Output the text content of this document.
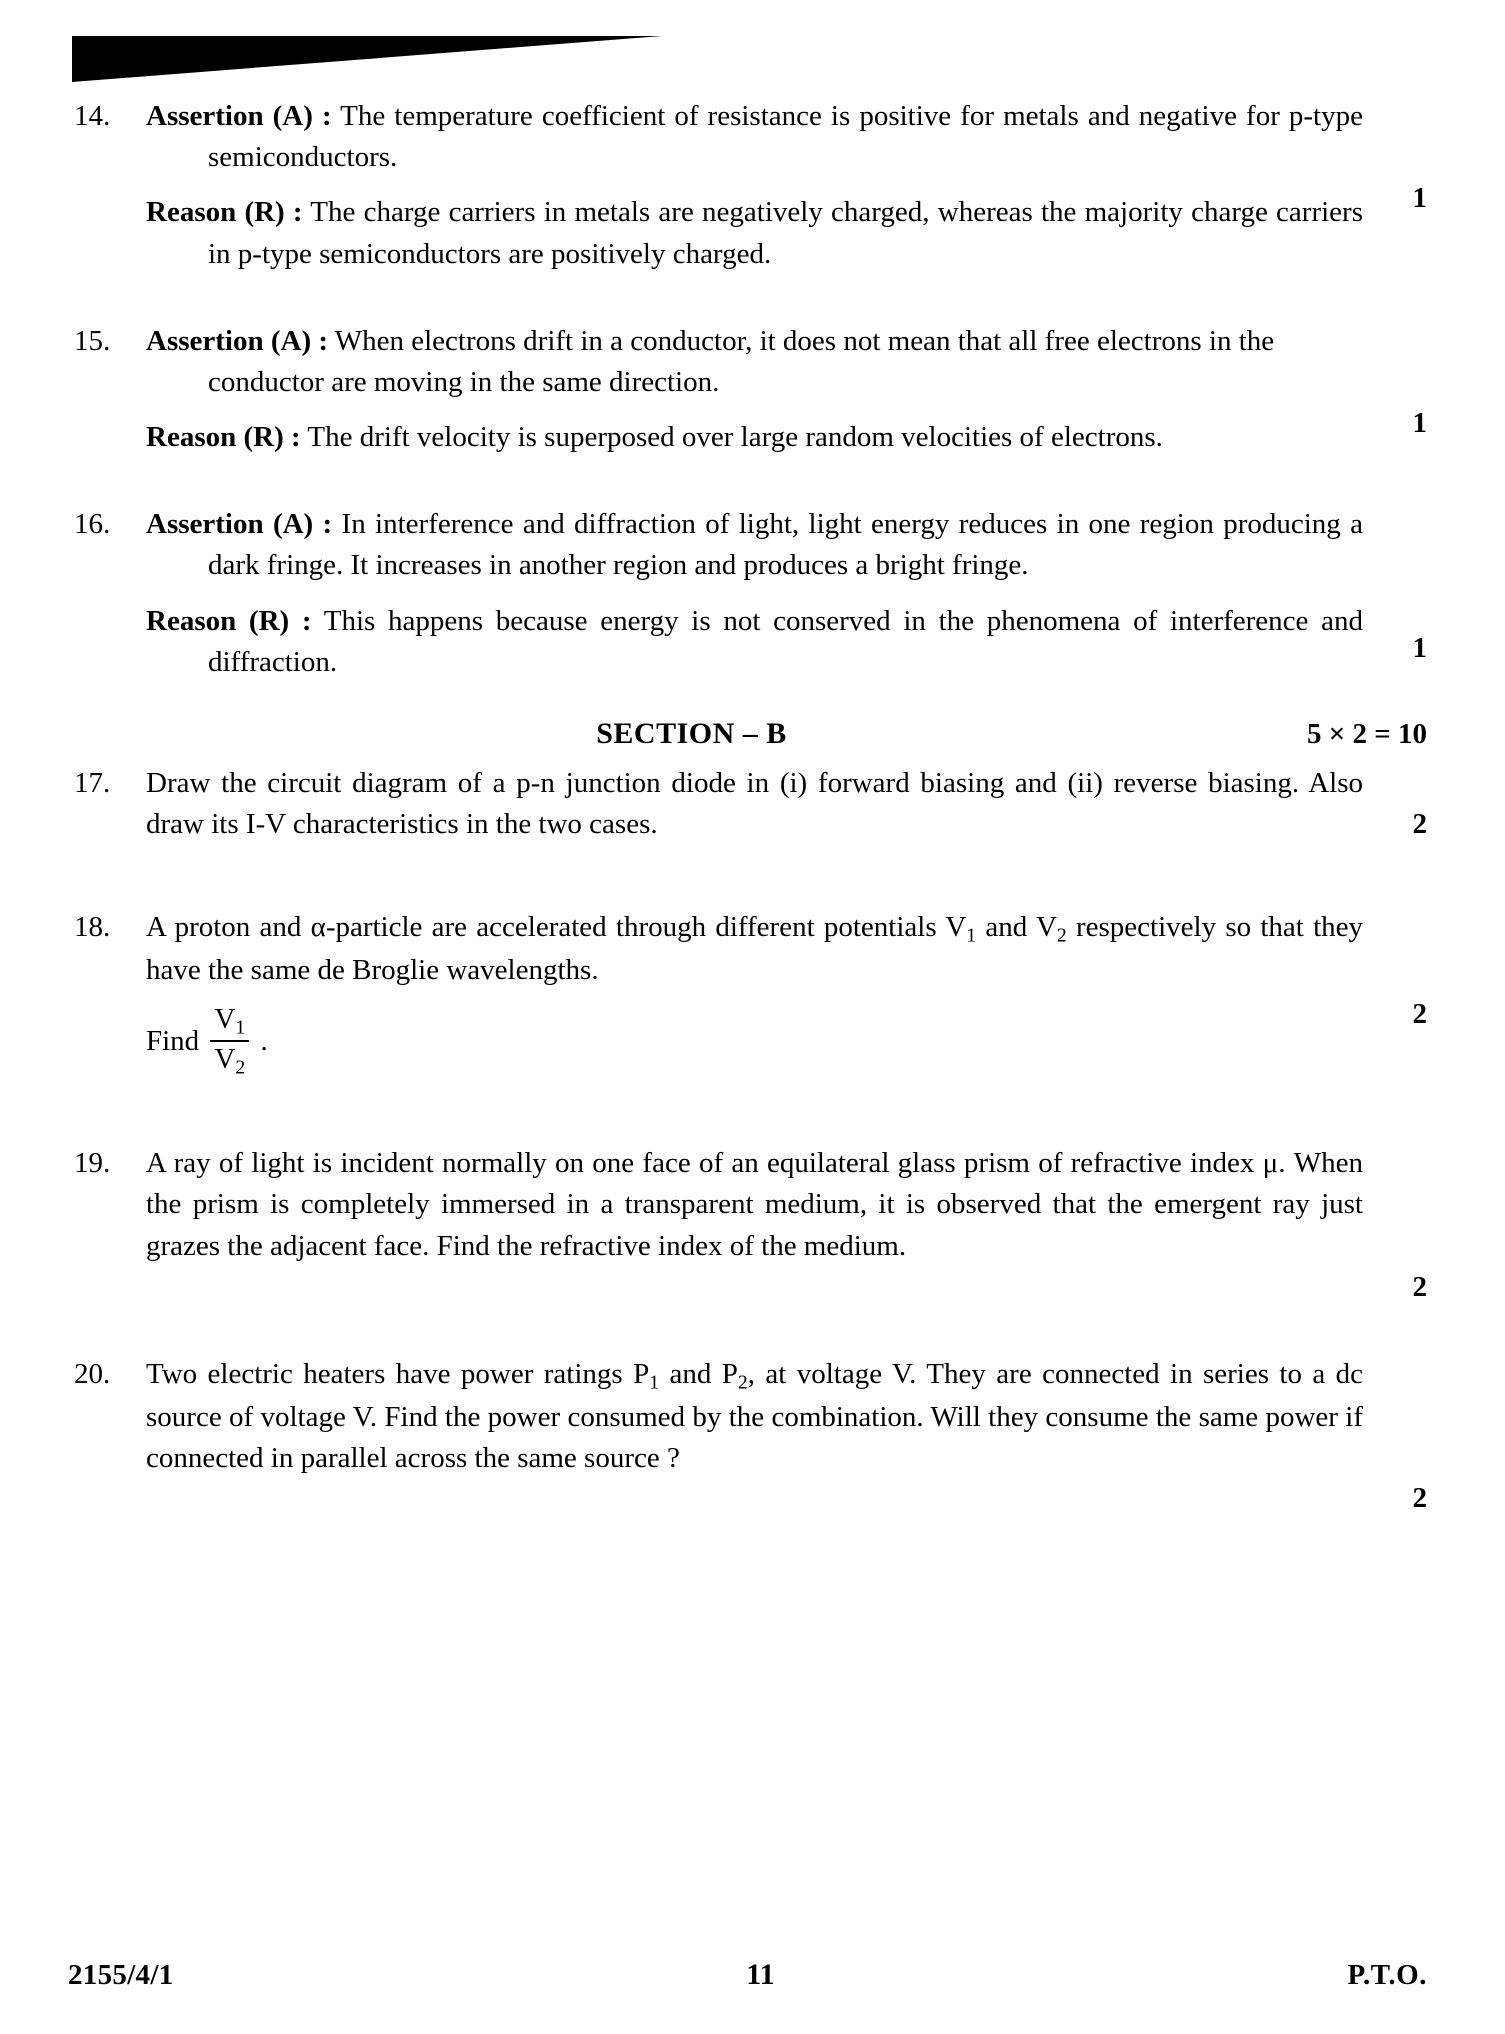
14.	Assertion (A) : The temperature coefficient of resistance is positive for metals and negative for p-type semiconductors.

Reason (R) : The charge carriers in metals are negatively charged, whereas the majority charge carriers in p-type semiconductors are positively charged.

1
15.	Assertion (A) : When electrons drift in a conductor, it does not mean that all free electrons in the conductor are moving in the same direction.

Reason (R) : The drift velocity is superposed over large random velocities of electrons.	1
16.	Assertion (A) : In interference and diffraction of light, light energy reduces in one region producing a dark fringe. It increases in another region and produces a bright fringe.

Reason (R) : This happens because energy is not conserved in the phenomena of interference and diffraction.	1
SECTION – B	5 × 2 = 10
17.	Draw the circuit diagram of a p-n junction diode in (i) forward biasing and (ii) reverse biasing. Also draw its I-V characteristics in the two cases.	2
18.	A proton and α-particle are accelerated through different potentials $V_1$ and $V_2$ respectively so that they have the same de Broglie wavelengths.

Find $\frac{V_1}{V_2}$ .

2
19.	A ray of light is incident normally on one face of an equilateral glass prism of refractive index μ. When the prism is completely immersed in a transparent medium, it is observed that the emergent ray just grazes the adjacent face. Find the refractive index of the medium.

2
20.	Two electric heaters have power ratings $P_1$ and $P_2$, at voltage V. They are connected in series to a dc source of voltage V. Find the power consumed by the combination. Will they consume the same power if connected in parallel across the same source ?

2
2155/4/1	11	P.T.O.
